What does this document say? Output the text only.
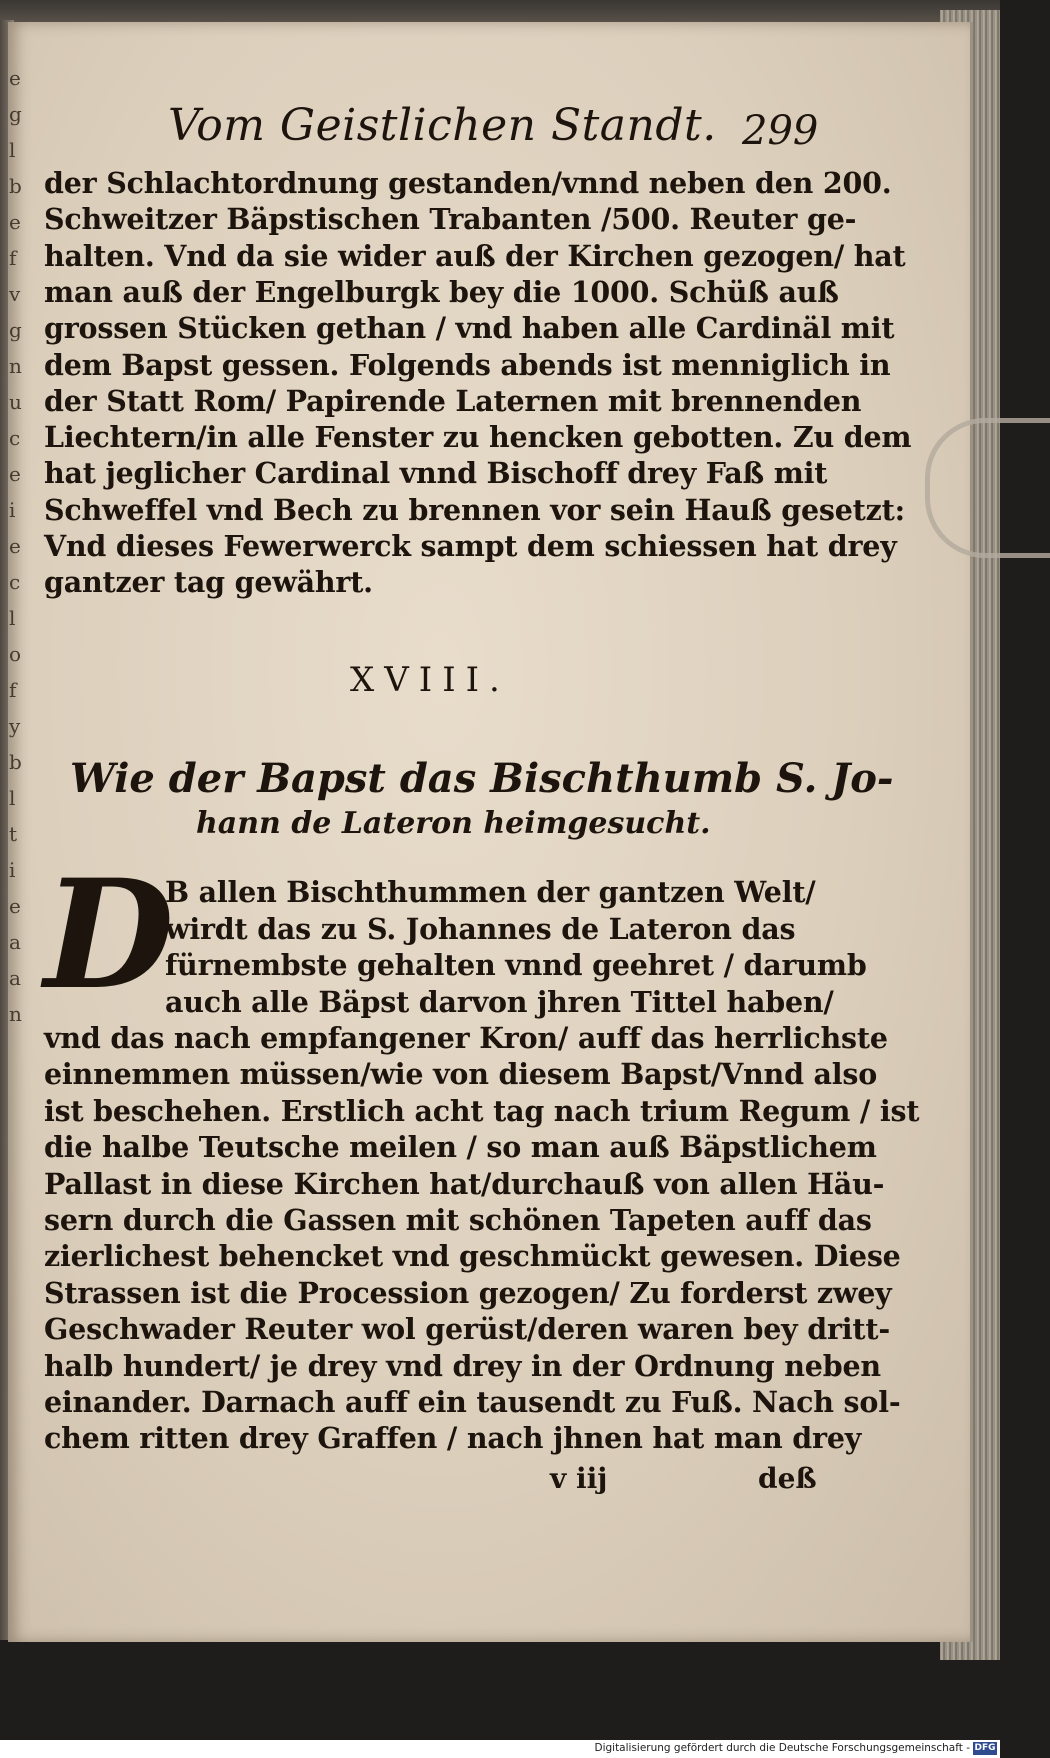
e
g
l
b
e
f
v
g
n
u
c
e
i
e
c
l
o
f
y
b
l
t
i
e
a
a
n
Vom Geistlichen Standt. 299
der Schlachtordnung gestanden/vnnd neben den 200.
Schweitzer Bäpstischen Trabanten /500. Reuter ge-
halten. Vnd da sie wider auß der Kirchen gezogen/ hat
man auß der Engelburgk bey die 1000. Schüß auß
grossen Stücken gethan / vnd haben alle Cardinäl mit
dem Bapst gessen. Folgends abends ist menniglich in
der Statt Rom/ Papirende Laternen mit brennenden
Liechtern/in alle Fenster zu hencken gebotten. Zu dem
hat jeglicher Cardinal vnnd Bischoff drey Faß mit
Schweffel vnd Bech zu brennen vor sein Hauß gesetzt:
Vnd dieses Fewerwerck sampt dem schiessen hat drey
gantzer tag gewährt.
XVIII.
Wie der Bapst das Bischthumb S. Jo-
hann de Lateron heimgesucht.
D
B allen Bischthummen der gantzen Welt/
wirdt das zu S. Johannes de Lateron das
fürnembste gehalten vnnd geehret / darumb
auch alle Bäpst darvon jhren Tittel haben/
vnd das nach empfangener Kron/ auff das herrlichste
einnemmen müssen/wie von diesem Bapst/Vnnd also
ist beschehen. Erstlich acht tag nach trium Regum / ist
die halbe Teutsche meilen / so man auß Bäpstlichem
Pallast in diese Kirchen hat/durchauß von allen Häu-
sern durch die Gassen mit schönen Tapeten auff das
zierlichest behencket vnd geschmückt gewesen. Diese
Strassen ist die Procession gezogen/ Zu forderst zwey
Geschwader Reuter wol gerüst/deren waren bey dritt-
halb hundert/ je drey vnd drey in der Ordnung neben
einander. Darnach auff ein tausendt zu Fuß. Nach sol-
chem ritten drey Graffen / nach jhnen hat man drey
v iij	deß
Digitalisierung gefördert durch die Deutsche Forschungsgemeinschaft - DFG
